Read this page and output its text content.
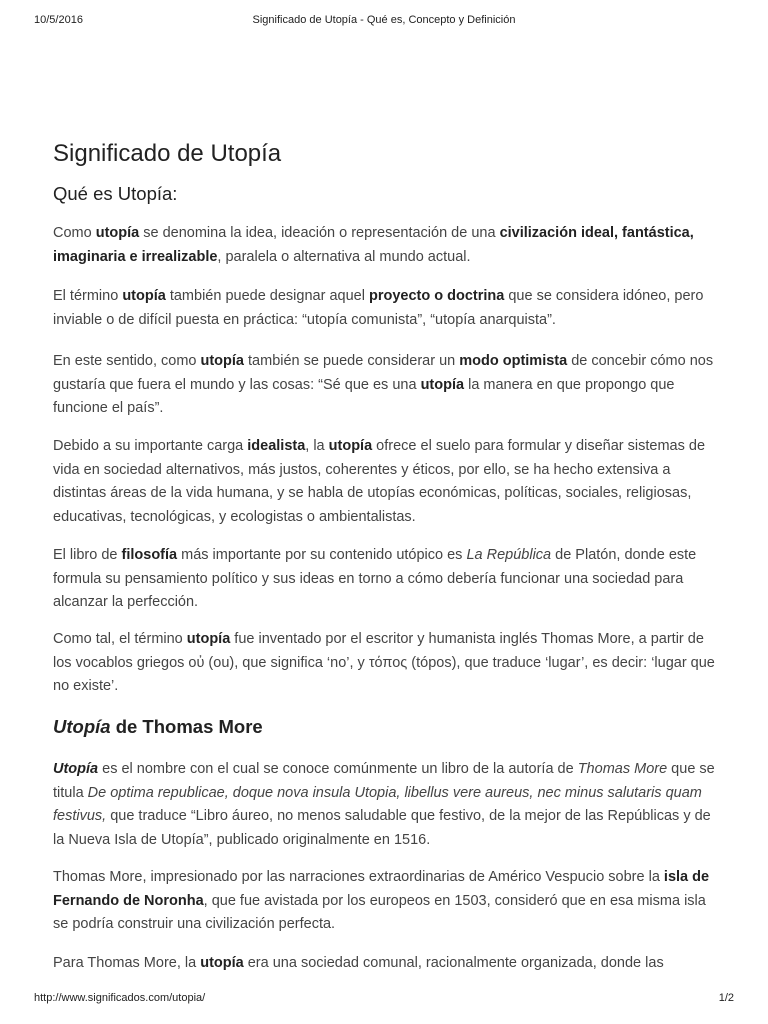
10/5/2016	Significado de Utopía - Qué es, Concepto y Definición
Significado de Utopía
Qué es Utopía:

Como utopía se denomina la idea, ideación o representación de una civilización ideal, fantástica, imaginaria e irrealizable, paralela o alternativa al mundo actual.

El término utopía también puede designar aquel proyecto o doctrina que se considera idóneo, pero inviable o de difícil puesta en práctica: “utopía comunista”, “utopía anarquista”.

En este sentido, como utopía también se puede considerar un modo optimista de concebir cómo nos gustaría que fuera el mundo y las cosas: “Sé que es una utopía la manera en que propongo que funcione el país”.

Debido a su importante carga idealista, la utopía ofrece el suelo para formular y diseñar sistemas de vida en sociedad alternativos, más justos, coherentes y éticos, por ello, se ha hecho extensiva a distintas áreas de la vida humana, y se habla de utopías económicas, políticas, sociales, religiosas, educativas, tecnológicas, y ecologistas o ambientalistas.

El libro de filosofía más importante por su contenido utópico es La República de Platón, donde este formula su pensamiento político y sus ideas en torno a cómo debería funcionar una sociedad para alcanzar la perfección.

Como tal, el término utopía fue inventado por el escritor y humanista inglés Thomas More, a partir de los vocablos griegos οὐ (ou), que significa ‘no’, y τόπος (tópos), que traduce ‘lugar’, es decir: ‘lugar que no existe’.

Utopía de Thomas More

Utopía es el nombre con el cual se conoce comúnmente un libro de la autoría de Thomas More que se titula De optima republicae, doque nova insula Utopia, libellus vere aureus, nec minus salutaris quam festivus, que traduce “Libro áureo, no menos saludable que festivo, de la mejor de las Repúblicas y de la Nueva Isla de Utopía”, publicado originalmente en 1516.

Thomas More, impresionado por las narraciones extraordinarias de Américo Vespucio sobre la isla de Fernando de Noronha, que fue avistada por los europeos en 1503, consideró que en esa misma isla se podría construir una civilización perfecta.

Para Thomas More, la utopía era una sociedad comunal, racionalmente organizada, donde las

http://www.significados.com/utopia/	1/2
